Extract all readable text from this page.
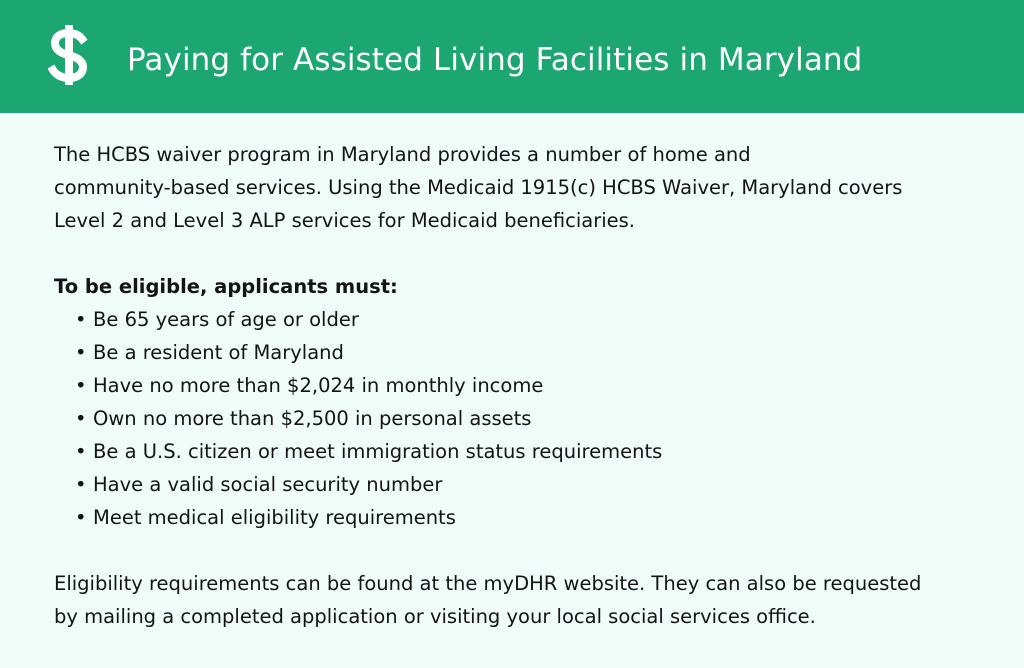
Paying for Assisted Living Facilities in Maryland

The HCBS waiver program in Maryland provides a number of home and
community-based services. Using the Medicaid 1915(c) HCBS Waiver, Maryland covers
Level 2 and Level 3 ALP services for Medicaid beneficiaries.

To be eligible, applicants must:
• Be 65 years of age or older
• Be a resident of Maryland
• Have no more than $2,024 in monthly income
• Own no more than $2,500 in personal assets
• Be a U.S. citizen or meet immigration status requirements
• Have a valid social security number
• Meet medical eligibility requirements

Eligibility requirements can be found at the myDHR website. They can also be requested
by mailing a completed application or visiting your local social services office.
